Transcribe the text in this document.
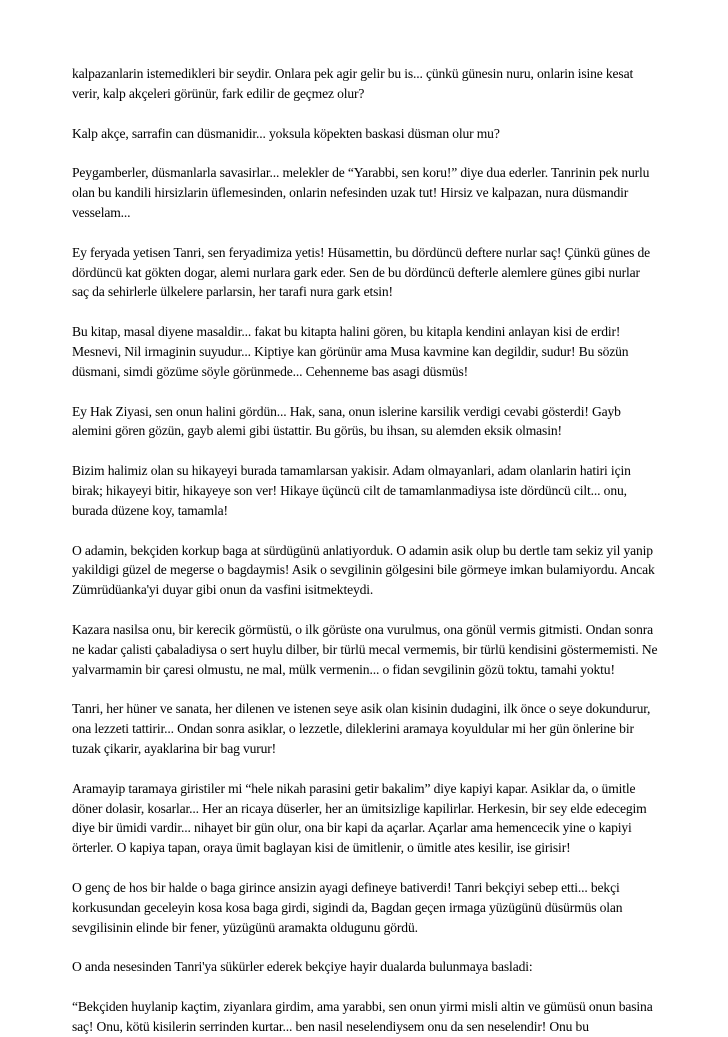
kalpazanlarin istemedikleri bir seydir. Onlara pek agir gelir bu is... çünkü günesin nuru, onlarin isine kesat verir, kalp akçeleri görünür, fark edilir de geçmez olur?

Kalp akçe, sarrafin can düsmanidir... yoksula köpekten baskasi düsman olur mu?

Peygamberler, düsmanlarla savasirlar... melekler de “Yarabbi, sen koru!” diye dua ederler. Tanrinin pek nurlu olan bu kandili hirsizlarin üflemesinden, onlarin nefesinden uzak tut! Hirsiz ve kalpazan, nura düsmandir vesselam...

Ey feryada yetisen Tanri, sen feryadimiza yetis! Hüsamettin, bu dördüncü deftere nurlar saç! Çünkü günes de dördüncü kat gökten dogar, alemi nurlara gark eder. Sen de bu dördüncü defterle alemlere günes gibi nurlar saç da sehirlerle ülkelere parlarsin, her tarafi nura gark etsin!

Bu kitap, masal diyene masaldir... fakat bu kitapta halini gören, bu kitapla kendini anlayan kisi de erdir! Mesnevi, Nil irmaginin suyudur... Kiptiye kan görünür ama Musa kavmine kan degildir, sudur! Bu sözün düsmani, simdi gözüme söyle görünmede... Cehenneme bas asagi düsmüs!

Ey Hak Ziyasi, sen onun halini gördün... Hak, sana, onun islerine karsilik verdigi cevabi gösterdi! Gayb alemini gören gözün, gayb alemi gibi üstattir. Bu görüs, bu ihsan, su alemden eksik olmasin!

Bizim halimiz olan su hikayeyi burada tamamlarsan yakisir. Adam olmayanlari, adam olanlarin hatiri için birak; hikayeyi bitir, hikayeye son ver! Hikaye üçüncü cilt de tamamlanmadiysa iste dördüncü cilt... onu, burada düzene koy, tamamla!

O adamin, bekçiden korkup baga at sürdügünü anlatiyorduk. O adamin asik olup bu dertle tam sekiz yil yanip yakildigi güzel de megerse o bagdaymis! Asik o sevgilinin gölgesini bile görmeye imkan bulamiyordu. Ancak Zümrüdüanka'yi duyar gibi onun da vasfini isitmekteydi.

Kazara nasilsa onu, bir kerecik görmüstü, o ilk görüste ona vurulmus, ona gönül vermis gitmisti. Ondan sonra ne kadar çalisti çabaladiysa o sert huylu dilber, bir türlü mecal vermemis, bir türlü kendisini göstermemisti. Ne yalvarmamin bir çaresi olmustu, ne mal, mülk vermenin... o fidan sevgilinin gözü toktu, tamahi yoktu!

Tanri, her hüner ve sanata, her dilenen ve istenen seye asik olan kisinin dudagini, ilk önce o seye dokundurur, ona lezzeti tattirir... Ondan sonra asiklar, o lezzetle, dileklerini aramaya koyuldular mi her gün önlerine bir tuzak çikarir, ayaklarina bir bag vurur!

Aramayip taramaya giristiler mi “hele nikah parasini getir bakalim” diye kapiyi kapar. Asiklar da, o ümitle döner dolasir, kosarlar... Her an ricaya düserler, her an ümitsizlige kapilirlar. Herkesin, bir sey elde edecegim diye bir ümidi vardir... nihayet bir gün olur, ona bir kapi da açarlar. Açarlar ama hemencecik yine o kapiyi örterler. O kapiya tapan, oraya ümit baglayan kisi de ümitlenir, o ümitle ates kesilir, ise girisir!

O genç de hos bir halde o baga girince ansizin ayagi defineye bativerdi! Tanri bekçiyi sebep etti... bekçi korkusundan geceleyin kosa kosa baga girdi, sigindi da, Bagdan geçen irmaga yüzügünü düsürmüs olan sevgilisinin elinde bir fener, yüzügünü aramakta oldugunu gördü.

O anda nesesinden Tanri'ya sükürler ederek bekçiye hayir dualarda bulunmaya basladi:

“Bekçiden huylanip kaçtim, ziyanlara girdim, ama yarabbi, sen onun yirmi misli altin ve gümüsü onun basina saç! Onu, kötü kisilerin serrinden kurtar... ben nasil neselendiysem onu da sen neselendir! Onu bu
